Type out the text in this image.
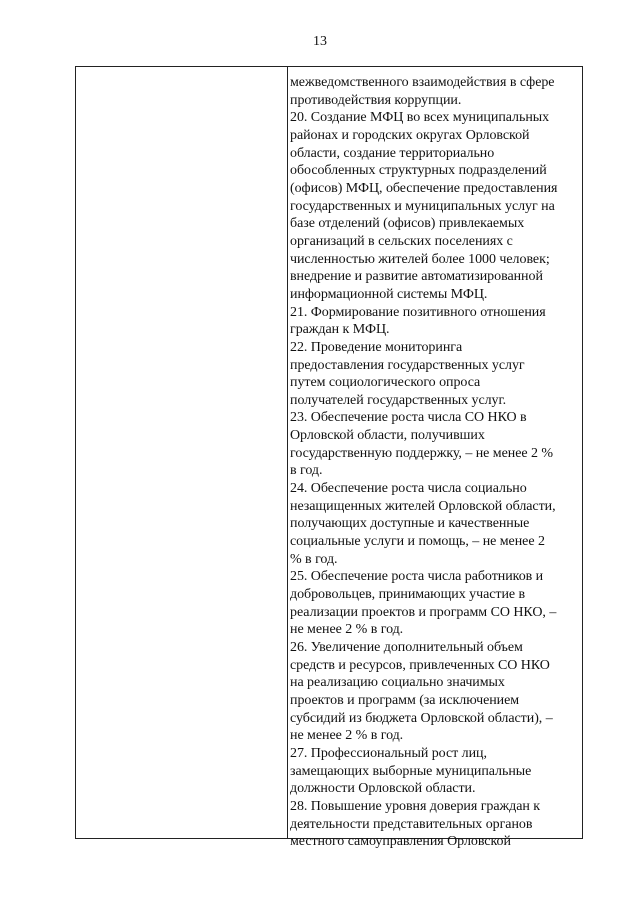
13
межведомственного взаимодействия в сфере
противодействия коррупции.
20. Создание МФЦ во всех муниципальных
районах и городских округах Орловской
области, создание территориально
обособленных структурных подразделений
(офисов) МФЦ, обеспечение предоставления
государственных и муниципальных услуг на
базе отделений (офисов) привлекаемых
организаций в сельских поселениях с
численностью жителей более 1000 человек;
внедрение и развитие автоматизированной
информационной системы МФЦ.
21. Формирование позитивного отношения
граждан к МФЦ.
22. Проведение мониторинга
предоставления государственных услуг
путем социологического опроса
получателей государственных услуг.
23. Обеспечение роста числа СО НКО в
Орловской области, получивших
государственную поддержку, – не менее 2 %
в год.
24. Обеспечение роста числа социально
незащищенных жителей Орловской области,
получающих доступные и качественные
социальные услуги и помощь, – не менее 2
% в год.
25. Обеспечение роста числа работников и
добровольцев, принимающих участие в
реализации проектов и программ СО НКО, –
не менее 2 % в год.
26. Увеличение дополнительный объем
средств и ресурсов, привлеченных СО НКО
на реализацию социально значимых
проектов и программ (за исключением
субсидий из бюджета Орловской области), –
не менее 2 % в год.
27. Профессиональный рост лиц,
замещающих выборные муниципальные
должности Орловской области.
28. Повышение уровня доверия граждан к
деятельности представительных органов
местного самоуправления Орловской
